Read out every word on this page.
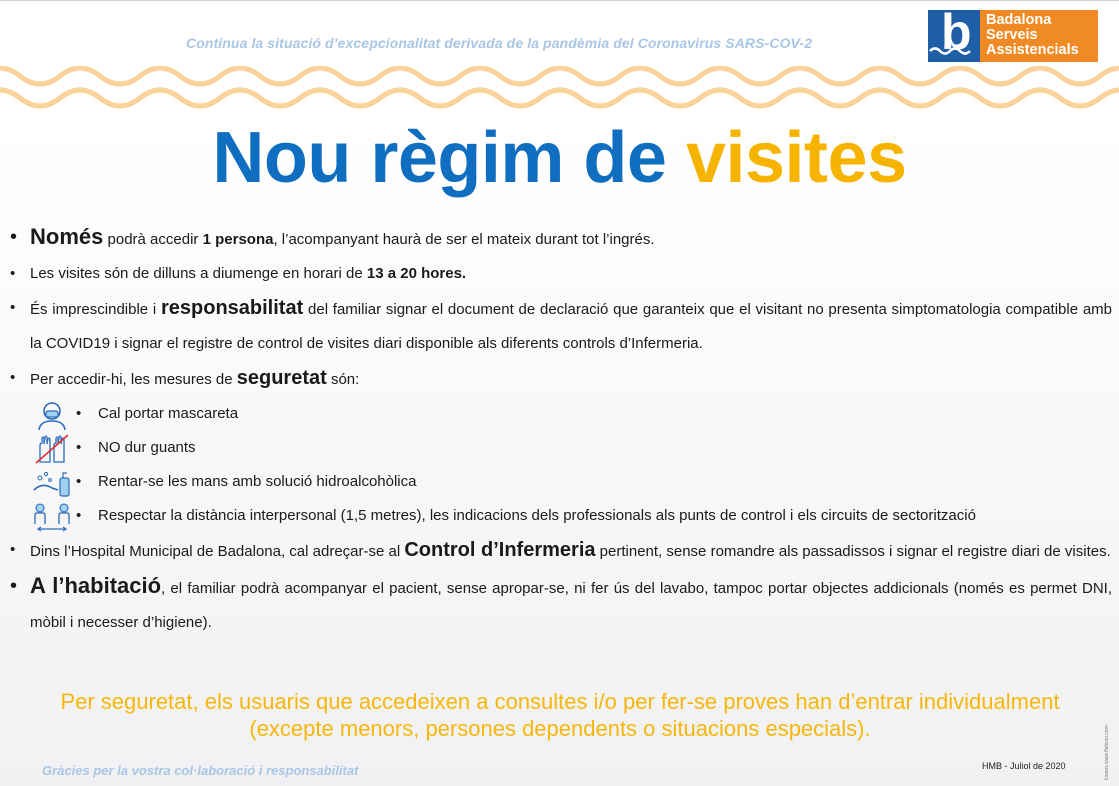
Continua la situació d’excepcionalitat derivada de la pandèmia del Coronavirus SARS-COV-2	b Badalona
Serveis
Assistencials
Nou règim de visites
• Només podrà accedir 1 persona, l’acompanyant haurà de ser el mateix durant tot l’ingrés.
• Les visites són de dilluns a diumenge en horari de 13 a 20 hores.
• És imprescindible i responsabilitat del familiar signar el document de declaració que garanteix que el visitant no presenta simptomatologia compatible amb la COVID19 i signar el registre de control de visites diari disponible als diferents controls d’Infermeria.
• Per accedir-hi, les mesures de seguretat són:
• Cal portar mascareta
• NO dur guants
• Rentar-se les mans amb solució hidroalcohòlica
• Respectar la distància interpersonal (1,5 metres), les indicacions dels professionals als punts de control i els circuits de sectorització
• Dins l’Hospital Municipal de Badalona, cal adreçar-se al Control d’Infermeria pertinent, sense romandre als passadissos i signar el registre diari de visites.
• A l’habitació, el familiar podrà acompanyar el pacient, sense apropar-se, ni fer ús del lavabo, tampoc portar objectes addicionals (només es permet DNI, mòbil i necesser d’higiene).
Per seguretat, els usuaris que accedeixen a consultes i/o per fer-se proves han d’entrar individualment (excepte menors, persones dependents o situacions especials).
Gràcies per la vostra col·laboració i responsabilitat	HMB - Juliol de 2020	Icones www.flaticon.com
